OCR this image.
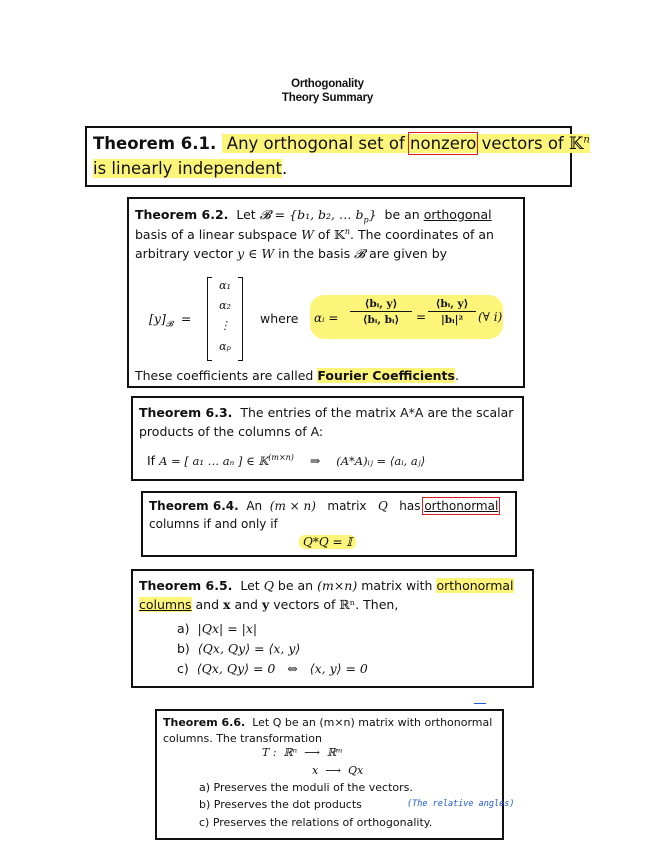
Orthogonality
Theory Summary
Theorem 6.1. Any orthogonal set of nonzero vectors of 𝕂$^n$
is linearly independent.
Theorem 6.2. Let 𝓑 = {b₁, b₂, … $b_p$} be an orthogonal
basis of a linear subspace W of 𝕂$^n$. The coordinates of an
arbitrary vector y ∈ W in the basis 𝓑 are given by
$[y]_𝓑$  =
α₁
α₂
⋮
αₚ
where αᵢ = $\frac{\text{⟨bᵢ, y⟩}}{\text{⟨bᵢ, bᵢ⟩}} = \frac{\text{⟨bᵢ, y⟩}}{\text{|bᵢ|²}}$ (∀ i)
These coefficients are called Fourier Coefficients.
Theorem 6.3. The entries of the matrix A*A are the scalar
products of the columns of A:
If A = [ a₁ … aₙ ] ∈ 𝕂$^{(m\times n)}$ ⇒ (A*A)ᵢⱼ = ⟨aᵢ, aⱼ⟩
Theorem 6.4. An (m × n) matrix Q has orthonormal
columns if and only if
Q*Q = 𝕀
Theorem 6.5. Let Q be an (m×n) matrix with orthonormal
columns and x and y vectors of ℝⁿ. Then,
a) |Qx| = |x|
b) ⟨Qx, Qy⟩ = ⟨x, y⟩
c) ⟨Qx, Qy⟩ = 0   ⇔   ⟨x, y⟩ = 0
Theorem 6.6. Let Q be an (m×n) matrix with orthonormal
columns. The transformation
T :  ℝⁿ  ⟶  ℝᵐ
x  ⟶  Qx
a) Preserves the moduli of the vectors.
b) Preserves the dot products	(The relative angles)
c) Preserves the relations of orthogonality.
